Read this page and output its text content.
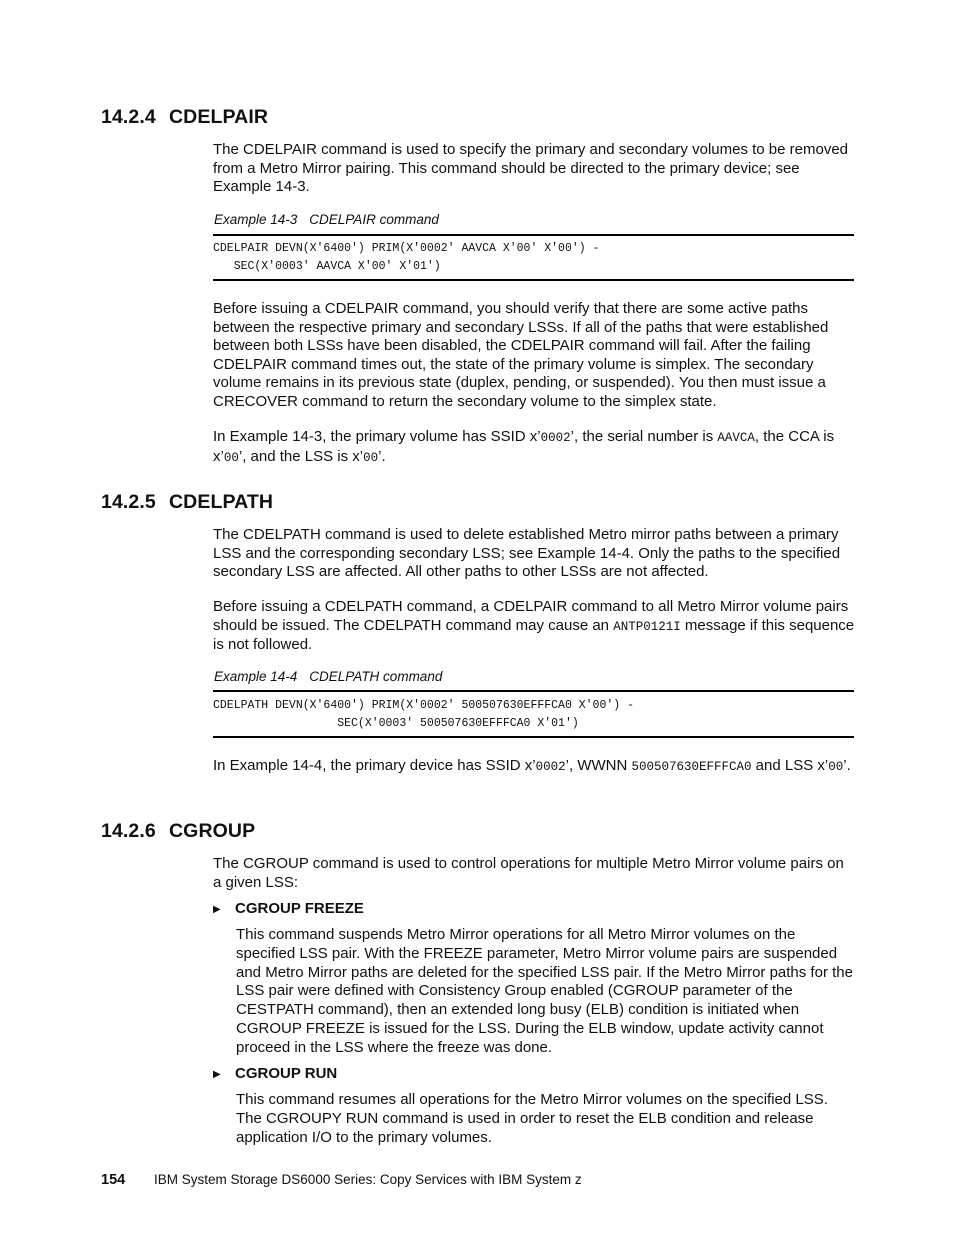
14.2.4 CDELPAIR

The CDELPAIR command is used to specify the primary and secondary volumes to be removed from a Metro Mirror pairing. This command should be directed to the primary device; see Example 14-3.

Example 14-3 CDELPAIR command

CDELPAIR DEVN(X'6400') PRIM(X'0002' AAVCA X'00' X'00') -
SEC(X'0003' AAVCA X'00' X'01')

Before issuing a CDELPAIR command, you should verify that there are some active paths between the respective primary and secondary LSSs. If all of the paths that were established between both LSSs have been disabled, the CDELPAIR command will fail. After the failing CDELPAIR command times out, the state of the primary volume is simplex. The secondary volume remains in its previous state (duplex, pending, or suspended). You then must issue a CRECOVER command to return the secondary volume to the simplex state.

In Example 14-3, the primary volume has SSID x’0002’, the serial number is AAVCA, the CCA is x’00’, and the LSS is x’00’.

14.2.5 CDELPATH

The CDELPATH command is used to delete established Metro mirror paths between a primary LSS and the corresponding secondary LSS; see Example 14-4. Only the paths to the specified secondary LSS are affected. All other paths to other LSSs are not affected.

Before issuing a CDELPATH command, a CDELPAIR command to all Metro Mirror volume pairs should be issued. The CDELPATH command may cause an ANTP0121I message if this sequence is not followed.

Example 14-4 CDELPATH command

CDELPATH DEVN(X'6400') PRIM(X'0002' 500507630EFFFCA0 X'00') -
SEC(X'0003' 500507630EFFFCA0 X'01')

In Example 14-4, the primary device has SSID x’0002’, WWNN 500507630EFFFCA0 and LSS x’00’.

14.2.6 CGROUP

The CGROUP command is used to control operations for multiple Metro Mirror volume pairs on a given LSS:

▶ CGROUP FREEZE

This command suspends Metro Mirror operations for all Metro Mirror volumes on the specified LSS pair. With the FREEZE parameter, Metro Mirror volume pairs are suspended and Metro Mirror paths are deleted for the specified LSS pair. If the Metro Mirror paths for the LSS pair were defined with Consistency Group enabled (CGROUP parameter of the CESTPATH command), then an extended long busy (ELB) condition is initiated when CGROUP FREEZE is issued for the LSS. During the ELB window, update activity cannot proceed in the LSS where the freeze was done.

▶ CGROUP RUN

This command resumes all operations for the Metro Mirror volumes on the specified LSS. The CGROUPY RUN command is used in order to reset the ELB condition and release application I/O to the primary volumes.

154 IBM System Storage DS6000 Series: Copy Services with IBM System z
